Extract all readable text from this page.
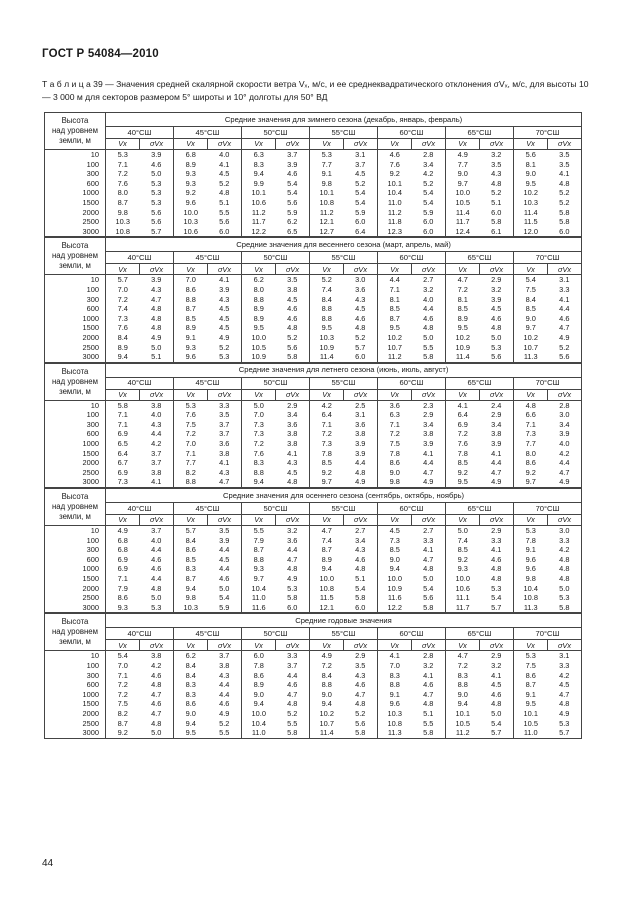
ГОСТ Р 54084—2010
Т а б л и ц а 39 — Значения средней скалярной скорости ветра Vₓ, м/с, и ее среднеквадратического отклонения σVₓ, м/с, для высоты 10 — 3 000 м для секторов размером 5° широты и 10° долготы для 50° ВД
Высота
над уровнем
земли, м	Средние значения для зимнего сезона (декабрь, январь, февраль)													
	40°СШ		45°СШ		50°СШ		55°СШ		60°СШ		65°СШ		70°СШ	
	Vx	σVx	Vx	σVx	Vx	σVx	Vx	σVx	Vx	σVx	Vx	σVx	Vx	σVx
10	5.3	3.9	6.8	4.0	6.3	3.7	5.3	3.1	4.6	2.8	4.9	3.2	5.6	3.5
100	7.1	4.6	8.9	4.1	8.3	3.9	7.7	3.7	7.6	3.4	7.7	3.5	8.1	3.5
300	7.2	5.0	9.3	4.5	9.4	4.6	9.1	4.5	9.2	4.2	9.0	4.3	9.0	4.1
600	7.6	5.3	9.3	5.2	9.9	5.4	9.8	5.2	10.1	5.2	9.7	4.8	9.5	4.8
1000	8.0	5.3	9.2	4.8	10.1	5.4	10.1	5.4	10.4	5.4	10.0	5.2	10.2	5.2
1500	8.7	5.3	9.6	5.1	10.6	5.6	10.8	5.4	11.0	5.4	10.5	5.1	10.3	5.2
2000	9.8	5.6	10.0	5.5	11.2	5.9	11.2	5.9	11.2	5.9	11.4	6.0	11.4	5.8
2500	10.3	5.6	10.3	5.6	11.7	6.2	12.1	6.0	11.8	6.0	11.7	5.8	11.5	5.8
3000	10.8	5.7	10.6	6.0	12.2	6.5	12.7	6.4	12.3	6.0	12.4	6.1	12.0	6.0
Высота
над уровнем
земли, м	Средние значения для весеннего сезона (март, апрель, май)													
	40°СШ		45°СШ		50°СШ		55°СШ		60°СШ		65°СШ		70°СШ	
	Vx	σVx	Vx	σVx	Vx	σVx	Vx	σVx	Vx	σVx	Vx	σVx	Vx	σVx
10	5.7	3.9	7.0	4.1	6.2	3.5	5.2	3.0	4.4	2.7	4.7	2.9	5.4	3.1
100	7.0	4.3	8.6	3.9	8.0	3.8	7.4	3.6	7.1	3.2	7.2	3.2	7.5	3.3
300	7.2	4.7	8.8	4.3	8.8	4.5	8.4	4.3	8.1	4.0	8.1	3.9	8.4	4.1
600	7.4	4.8	8.7	4.5	8.9	4.6	8.8	4.5	8.5	4.4	8.5	4.5	8.5	4.4
1000	7.3	4.8	8.5	4.5	8.9	4.6	8.8	4.6	8.7	4.6	8.9	4.6	9.0	4.6
1500	7.6	4.8	8.9	4.5	9.5	4.8	9.5	4.8	9.5	4.8	9.5	4.8	9.7	4.7
2000	8.4	4.9	9.1	4.9	10.0	5.2	10.3	5.2	10.2	5.0	10.2	5.0	10.2	4.9
2500	8.9	5.0	9.3	5.2	10.5	5.6	10.9	5.7	10.7	5.5	10.9	5.3	10.7	5.2
3000	9.4	5.1	9.6	5.3	10.9	5.8	11.4	6.0	11.2	5.8	11.4	5.6	11.3	5.6
Высота
над уровнем
земли, м	Средние значения для летнего сезона (июнь, июль, август)													
	40°СШ		45°СШ		50°СШ		55°СШ		60°СШ		65°СШ		70°СШ	
	Vx	σVx	Vx	σVx	Vx	σVx	Vx	σVx	Vx	σVx	Vx	σVx	Vx	σVx
10	5.8	3.8	5.3	3.3	5.0	2.9	4.2	2.5	3.6	2.3	4.1	2.4	4.8	2.8
100	7.1	4.0	7.6	3.5	7.0	3.4	6.4	3.1	6.3	2.9	6.4	2.9	6.6	3.0
300	7.1	4.3	7.5	3.7	7.3	3.6	7.1	3.6	7.1	3.4	6.9	3.4	7.1	3.4
600	6.9	4.4	7.2	3.7	7.3	3.8	7.2	3.8	7.2	3.8	7.2	3.8	7.3	3.9
1000	6.5	4.2	7.0	3.6	7.2	3.8	7.3	3.9	7.5	3.9	7.6	3.9	7.7	4.0
1500	6.4	3.7	7.1	3.8	7.6	4.1	7.8	3.9	7.8	4.1	7.8	4.1	8.0	4.2
2000	6.7	3.7	7.7	4.1	8.3	4.3	8.5	4.4	8.6	4.4	8.5	4.4	8.6	4.4
2500	6.9	3.8	8.2	4.3	8.8	4.5	9.2	4.8	9.0	4.7	9.2	4.7	9.2	4.7
3000	7.3	4.1	8.8	4.7	9.4	4.8	9.7	4.9	9.8	4.9	9.5	4.9	9.7	4.9
Высота
над уровнем
земли, м	Средние значения для осеннего сезона (сентябрь, октябрь, ноябрь)													
	40°СШ		45°СШ		50°СШ		55°СШ		60°СШ		65°СШ		70°СШ	
	Vx	σVx	Vx	σVx	Vx	σVx	Vx	σVx	Vx	σVx	Vx	σVx	Vx	σVx
10	4.9	3.7	5.7	3.5	5.5	3.2	4.7	2.7	4.5	2.7	5.0	2.9	5.3	3.0
100	6.8	4.0	8.4	3.9	7.9	3.6	7.4	3.4	7.3	3.3	7.4	3.3	7.8	3.3
300	6.8	4.4	8.6	4.4	8.7	4.4	8.7	4.3	8.5	4.1	8.5	4.1	9.1	4.2
600	6.9	4.6	8.5	4.5	8.8	4.7	8.9	4.6	9.0	4.7	9.2	4.6	9.6	4.8
1000	6.9	4.6	8.3	4.4	9.3	4.8	9.4	4.8	9.4	4.8	9.3	4.8	9.6	4.8
1500	7.1	4.4	8.7	4.6	9.7	4.9	10.0	5.1	10.0	5.0	10.0	4.8	9.8	4.8
2000	7.9	4.8	9.4	5.0	10.4	5.3	10.8	5.4	10.9	5.4	10.6	5.3	10.4	5.0
2500	8.6	5.0	9.8	5.4	11.0	5.8	11.5	5.8	11.6	5.6	11.1	5.4	10.8	5.3
3000	9.3	5.3	10.3	5.9	11.6	6.0	12.1	6.0	12.2	5.8	11.7	5.7	11.3	5.8
Высота
над уровнем
земли, м	Средние годовые значения													
	40°СШ		45°СШ		50°СШ		55°СШ		60°СШ		65°СШ		70°СШ	
	Vx	σVx	Vx	σVx	Vx	σVx	Vx	σVx	Vx	σVx	Vx	σVx	Vx	σVx
10	5.4	3.8	6.2	3.7	6.0	3.3	4.9	2.9	4.1	2.8	4.7	2.9	5.3	3.1
100	7.0	4.2	8.4	3.8	7.8	3.7	7.2	3.5	7.0	3.2	7.2	3.2	7.5	3.3
300	7.1	4.6	8.4	4.3	8.6	4.4	8.4	4.3	8.3	4.1	8.3	4.1	8.6	4.2
600	7.2	4.8	8.3	4.4	8.9	4.6	8.8	4.6	8.8	4.6	8.8	4.5	8.7	4.5
1000	7.2	4.7	8.3	4.4	9.0	4.7	9.0	4.7	9.1	4.7	9.0	4.6	9.1	4.7
1500	7.5	4.6	8.6	4.6	9.4	4.8	9.4	4.8	9.6	4.8	9.4	4.8	9.5	4.8
2000	8.2	4.7	9.0	4.9	10.0	5.2	10.2	5.2	10.3	5.1	10.1	5.0	10.1	4.9
2500	8.7	4.8	9.4	5.2	10.4	5.5	10.7	5.6	10.8	5.5	10.5	5.4	10.5	5.3
3000	9.2	5.0	9.5	5.5	11.0	5.8	11.4	5.8	11.3	5.8	11.2	5.7	11.0	5.7
44
